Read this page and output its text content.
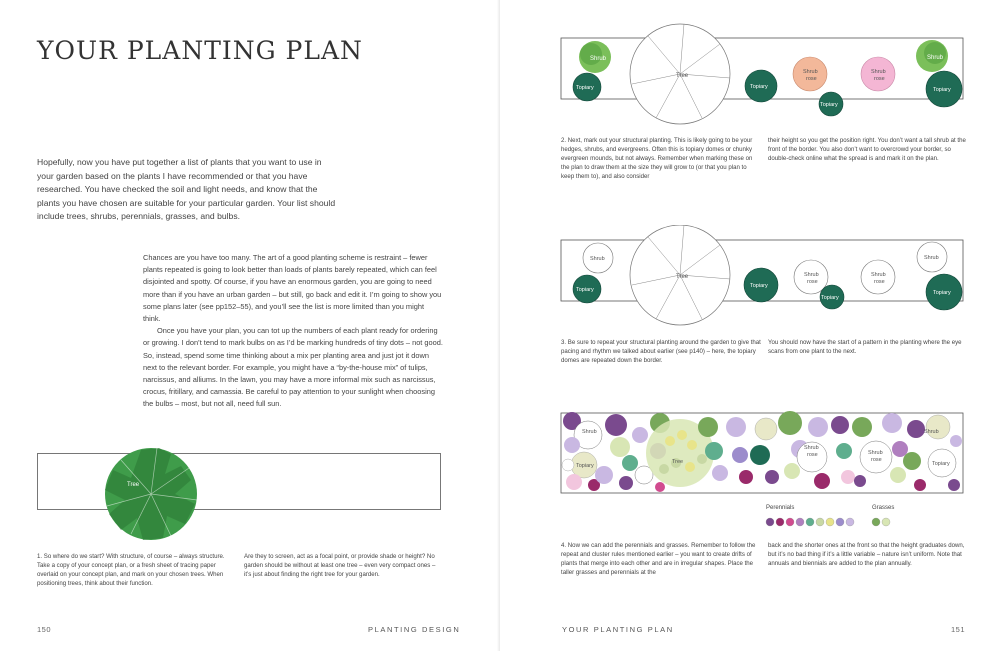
YOUR PLANTING PLAN

Hopefully, now you have put together a list of plants that you want to use in your garden based on the plants I have recommended or that you have researched. You have checked the soil and light needs, and know that the plants you have chosen are suitable for your particular garden. Your list should include trees, shrubs, perennials, grasses, and bulbs.

Chances are you have too many. The art of a good planting scheme is restraint – fewer plants repeated is going to look better than loads of plants barely repeated, which can feel disjointed and spotty. Of course, if you have an enormous garden, you are going to need more than if you have an urban garden – but still, go back and edit it. I’m going to show you some plans later (see pp152–55), and you’ll see the list is more limited than you might think.

Once you have your plan, you can tot up the numbers of each plant ready for ordering or growing. I don’t tend to mark bulbs on as I’d be marking hundreds of tiny dots – not good. So, instead, spend some time thinking about a mix per planting area and just jot it down next to the relevant border. For example, you might have a “by-the-house mix” of tulips, narcissus, and alliums. In the lawn, you may have a more informal mix such as narcissus, crocus, fritillary, and camassia. Be careful to pay attention to your sunlight when choosing the bulbs – most, but not all, need full sun.

Tree

1. So where do we start? With structure, of course – always structure. Take a copy of your concept plan, or a fresh sheet of tracing paper overlaid on your concept plan, and mark on your chosen trees. When positioning trees, think about their function.

Are they to screen, act as a focal point, or provide shade or height? No garden should be without at least one tree – even very compact ones – it’s just about finding the right tree for your garden.

150	PLANTING DESIGN
Shrub
Topiary
Tree
Topiary
Shrub
rose
Topiary
Shrub
rose
Shrub
Topiary

2. Next, mark out your structural planting. This is likely going to be your hedges, shrubs, and evergreens. Often this is topiary domes or chunky evergreen mounds, but not always. Remember when marking these on the plan to draw them at the size they will grow to (or that you plan to keep them to), and also consider

their height so you get the position right. You don’t want a tall shrub at the front of the border. You also don’t want to overcrowd your border, so double-check online what the spread is and mark it on the plan.

Shrub
Topiary
Tree
Topiary
Shrub
rose
Topiary
Shrub
rose
Shrub
Topiary

3. Be sure to repeat your structural planting around the garden to give that pacing and rhythm we talked about earlier (see p140) – here, the topiary domes are repeated down the border.

You should now have the start of a pattern in the planting where the eye scans from one plant to the next.

Shrub
Topiary
Tree
Shrub
rose	Shrub
rose
Shrub
Topiary
Perennials	Grasses

4. Now we can add the perennials and grasses. Remember to follow the repeat and cluster rules mentioned earlier – you want to create drifts of plants that merge into each other and are in irregular shapes. Place the taller grasses and perennials at the

back and the shorter ones at the front so that the height graduates down, but it’s no bad thing if it’s a little variable – nature isn’t uniform. Note that annuals and biennials are added to the plan annually.

YOUR PLANTING PLAN	151
